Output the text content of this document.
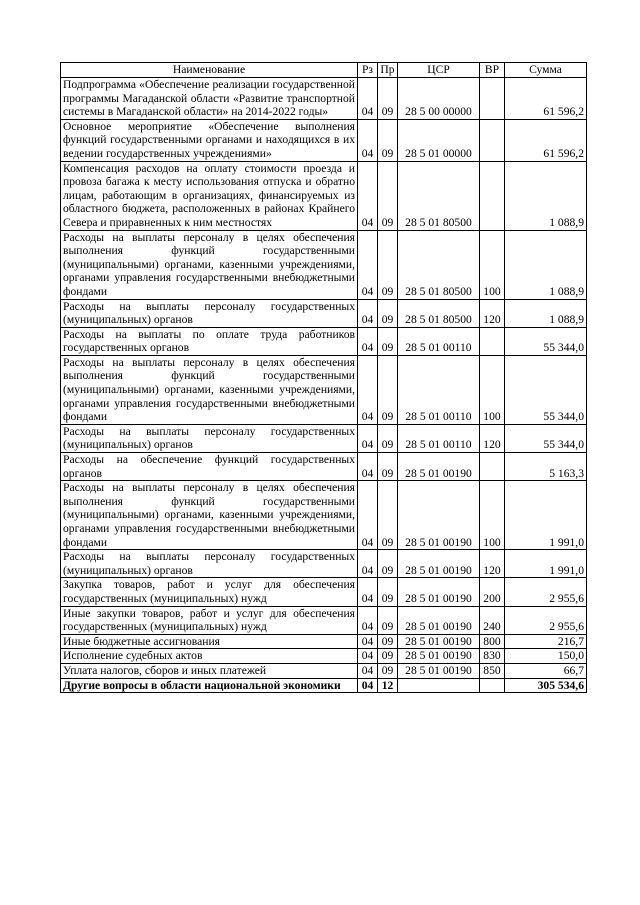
Наименование	Рз	Пр	ЦСР	ВР	Сумма
Подпрограмма «Обеспечение реализации государственной программы Магаданской области «Развитие транспортной системы в Магаданской области» на 2014-2022 годы»	04	09	28 5 00 00000		61 596,2
Основное мероприятие «Обеспечение выполнения функций государственными органами и находящихся в их ведении государственных учреждениями»	04	09	28 5 01 00000		61 596,2
Компенсация расходов на оплату стоимости проезда и провоза багажа к месту использования отпуска и обратно лицам, работающим в организациях, финансируемых из областного бюджета, расположенных в районах Крайнего Севера и приравненных к ним местностях	04	09	28 5 01 80500		1 088,9
Расходы на выплаты персоналу в целях обеспечения выполнения функций государственными (муниципальными) органами, казенными учреждениями, органами управления государственными внебюджетными фондами	04	09	28 5 01 80500	100	1 088,9
Расходы на выплаты персоналу государственных (муниципальных) органов	04	09	28 5 01 80500	120	1 088,9
Расходы на выплаты по оплате труда работников государственных органов	04	09	28 5 01 00110		55 344,0
Расходы на выплаты персоналу в целях обеспечения выполнения функций государственными (муниципальными) органами, казенными учреждениями, органами управления государственными внебюджетными фондами	04	09	28 5 01 00110	100	55 344,0
Расходы на выплаты персоналу государственных (муниципальных) органов	04	09	28 5 01 00110	120	55 344,0
Расходы на обеспечение функций государственных органов	04	09	28 5 01 00190		5 163,3
Расходы на выплаты персоналу в целях обеспечения выполнения функций государственными (муниципальными) органами, казенными учреждениями, органами управления государственными внебюджетными фондами	04	09	28 5 01 00190	100	1 991,0
Расходы на выплаты персоналу государственных (муниципальных) органов	04	09	28 5 01 00190	120	1 991,0
Закупка товаров, работ и услуг для обеспечения государственных (муниципальных) нужд	04	09	28 5 01 00190	200	2 955,6
Иные закупки товаров, работ и услуг для обеспечения государственных (муниципальных) нужд	04	09	28 5 01 00190	240	2 955,6
Иные бюджетные ассигнования	04	09	28 5 01 00190	800	216,7
Исполнение судебных актов	04	09	28 5 01 00190	830	150,0
Уплата налогов, сборов и иных платежей	04	09	28 5 01 00190	850	66,7
Другие вопросы в области национальной экономики	04	12			305 534,6
